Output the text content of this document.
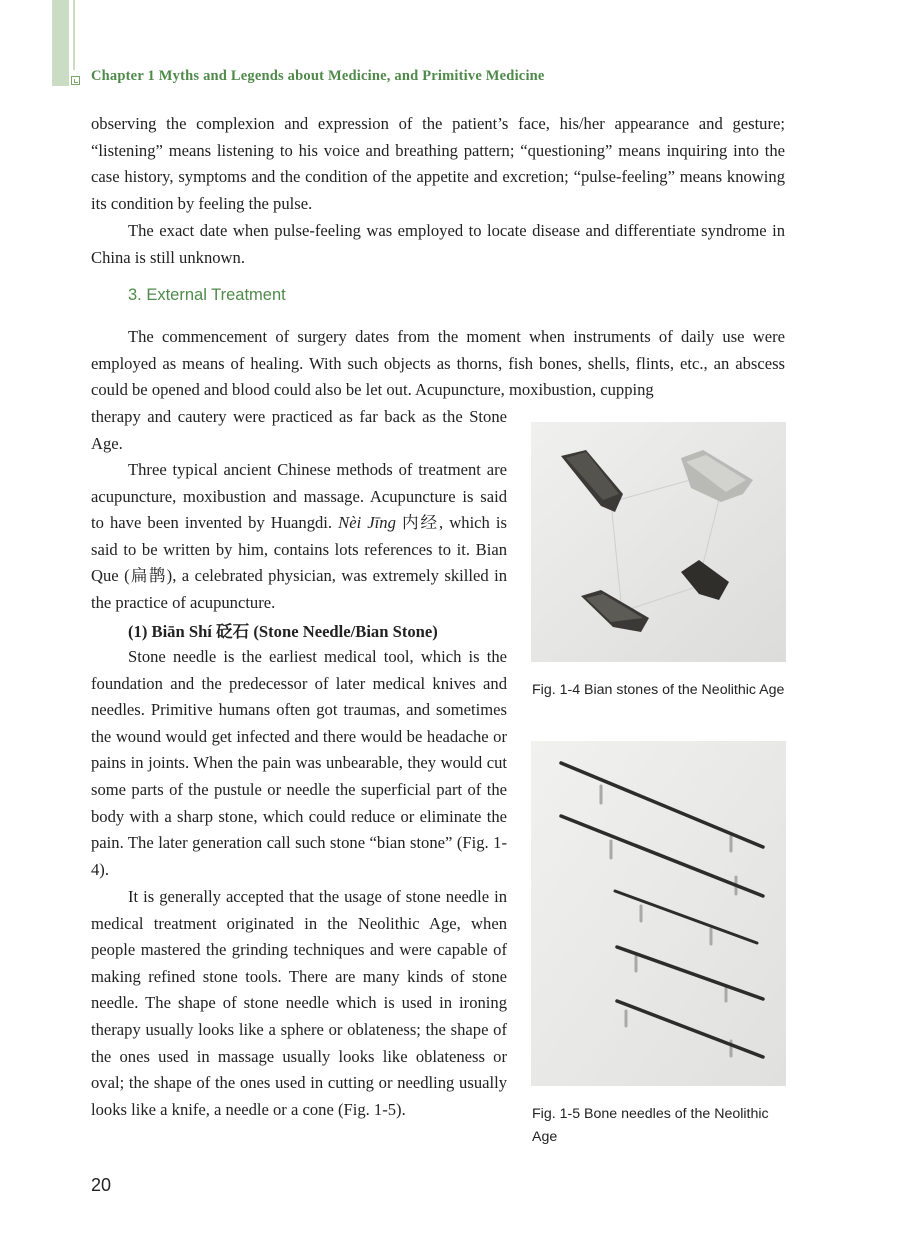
Chapter 1 Myths and Legends about Medicine, and Primitive Medicine

observing the complexion and expression of the patient’s face, his/her appearance and gesture; “listening” means listening to his voice and breathing pattern; “questioning” means inquiring into the case history, symptoms and the condition of the appetite and excretion; “pulse-feeling” means knowing its condition by feeling the pulse.

The exact date when pulse-feeling was employed to locate disease and differentiate syndrome in China is still unknown.

3. External Treatment

The commencement of surgery dates from the moment when instruments of daily use were employed as means of healing. With such objects as thorns, fish bones, shells, flints, etc., an abscess could be opened and blood could also be let out. Acupuncture, moxibustion, cupping

therapy and cautery were practiced as far back as the Stone Age.

Three typical ancient Chinese methods of treatment are acupuncture, moxibustion and massage. Acupuncture is said to have been invented by Huangdi. Nèi Jīng 内经, which is said to be written by him, contains lots references to it. Bian Que (扁鹊), a celebrated physician, was extremely skilled in the practice of acupuncture.

(1) Biān Shí 砭石 (Stone Needle/Bian Stone)

Stone needle is the earliest medical tool, which is the foundation and the predecessor of later medical knives and needles. Primitive humans often got traumas, and sometimes the wound would get infected and there would be headache or pains in joints. When the pain was unbearable, they would cut some parts of the pustule or needle the superficial part of the body with a sharp stone, which could reduce or eliminate the pain. The later generation call such stone “bian stone” (Fig. 1-4).

It is generally accepted that the usage of stone needle in medical treatment originated in the Neolithic Age, when people mastered the grinding techniques and were capable of making refined stone tools. There are many kinds of stone needle. The shape of stone needle which is used in ironing therapy usually looks like a sphere or oblateness; the shape of the ones used in massage usually looks like oblateness or oval; the shape of the ones used in cutting or needling usually looks like a knife, a needle or a cone (Fig. 1-5).

Fig. 1-4 Bian stones of the Neolithic Age
Fig. 1-5 Bone needles of the Neolithic Age
20
